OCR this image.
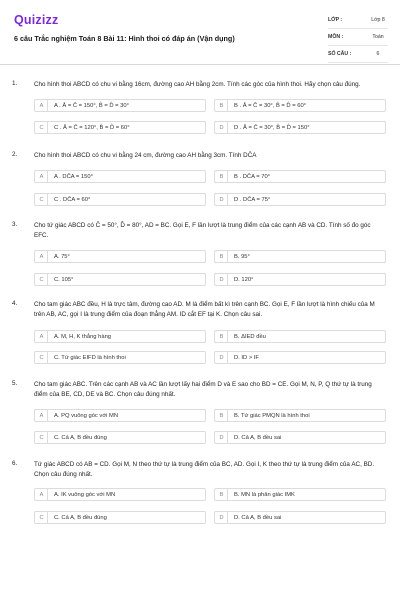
Quizizz
6 câu Trắc nghiệm Toán 8 Bài 11: Hình thoi có đáp án (Vận dụng)
LỚP :	Lớp 8
MÔN :	Toán
SỐ CÂU :	6
1.	Cho hình thoi ABCD có chu vi bằng 16cm, đường cao AH bằng 2cm. Tính các góc của hình thoi. Hãy chọn câu đúng.
A	A . Â = Ĉ = 150°, B̂ = D̂ = 30°	B	B . Â = Ĉ = 30°, B̂ = D̂ = 60°
C	C . Â = Ĉ = 120°, B̂ = D̂ = 60°	D	D . Â = Ĉ = 30°, B̂ = D̂ = 150°
2.	Cho hình thoi ABCD có chu vi bằng 24 cm, đường cao AH bằng 3cm. Tính DĈA
A	A . DĈA = 150°	B	B . DĈA = 70°
C	C . DĈA = 60°	D	D . DĈA = 75°
3.	Cho tứ giác ABCD có Ĉ = 50°, D̂ = 80°, AD = BC. Gọi E, F lần lượt là trung điểm của các cạnh AB và CD. Tính số đo góc EFC.
A	A. 75°	B	B. 95°
C	C. 105°	D	D. 120°
4.	Cho tam giác ABC đều, H là trực tâm, đường cao AD. M là điểm bất kì trên cạnh BC. Gọi E, F lần lượt là hình chiếu của M trên AB, AC, gọi I là trung điểm của đoạn thẳng AM. ID cắt EF tại K. Chọn câu sai.
A	A. M, H, K thẳng hàng	B	B. ΔIED đều
C	C. Tứ giác EIFD là hình thoi	D	D. ID > IF
5.	Cho tam giác ABC. Trên các cạnh AB và AC lần lượt lấy hai điểm D và E sao cho BD = CE. Gọi M, N, P, Q thứ tự là trung điểm của BE, CD, DE và BC. Chọn câu đúng nhất.
A	A. PQ vuông góc với MN	B	B. Tứ giác PMQN là hình thoi
C	C. Cả A, B đều đúng	D	D. Cả A, B đều sai
6.	Tứ giác ABCD có AB = CD. Gọi M, N theo thứ tự là trung điểm của BC, AD. Gọi I, K theo thứ tự là trung điểm của AC, BD. Chọn câu đúng nhất.
A	A. IK vuông góc với MN	B	B. MN là phân giác IMK
C	C. Cả A, B đều đúng	D	D. Cả A, B đều sai
